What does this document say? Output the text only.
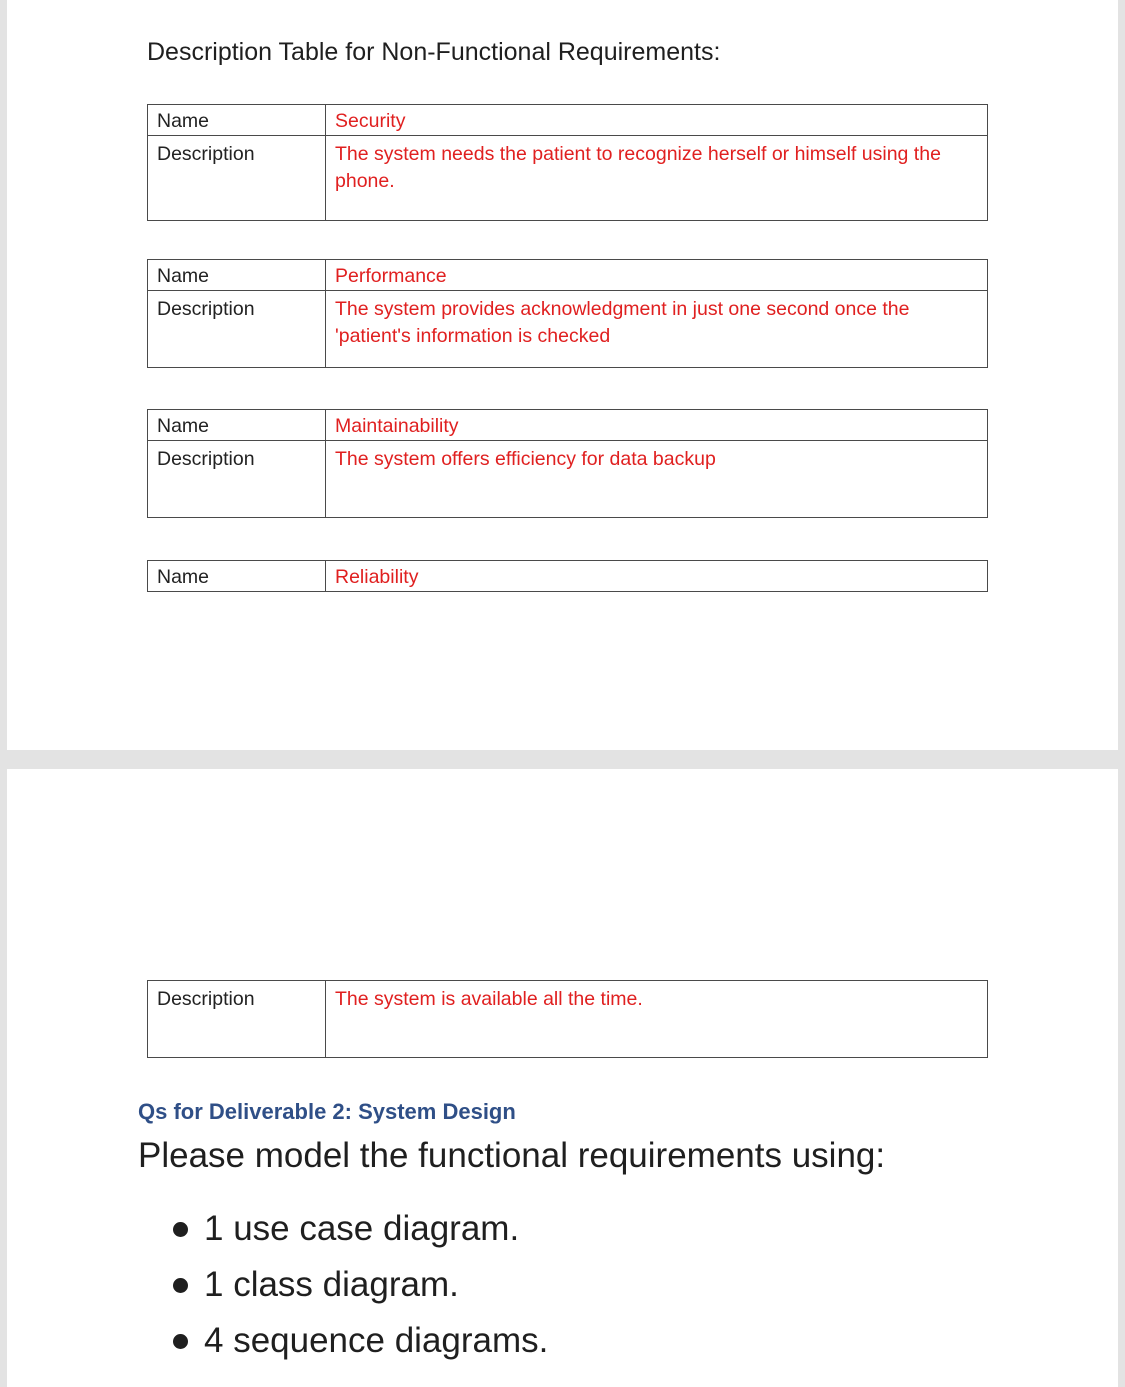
Description Table for Non-Functional Requirements:
Name	Security
Description	The system needs the patient to recognize herself or himself using the phone.
Name	Performance
Description	The system provides acknowledgment in just one second once the 'patient's information is checked
Name	Maintainability
Description	The system offers efficiency for data backup
Name	Reliability
Description	The system is available all the time.
Qs for Deliverable 2: System Design

Please model the functional requirements using:

1 use case diagram.
1 class diagram.
4 sequence diagrams.
